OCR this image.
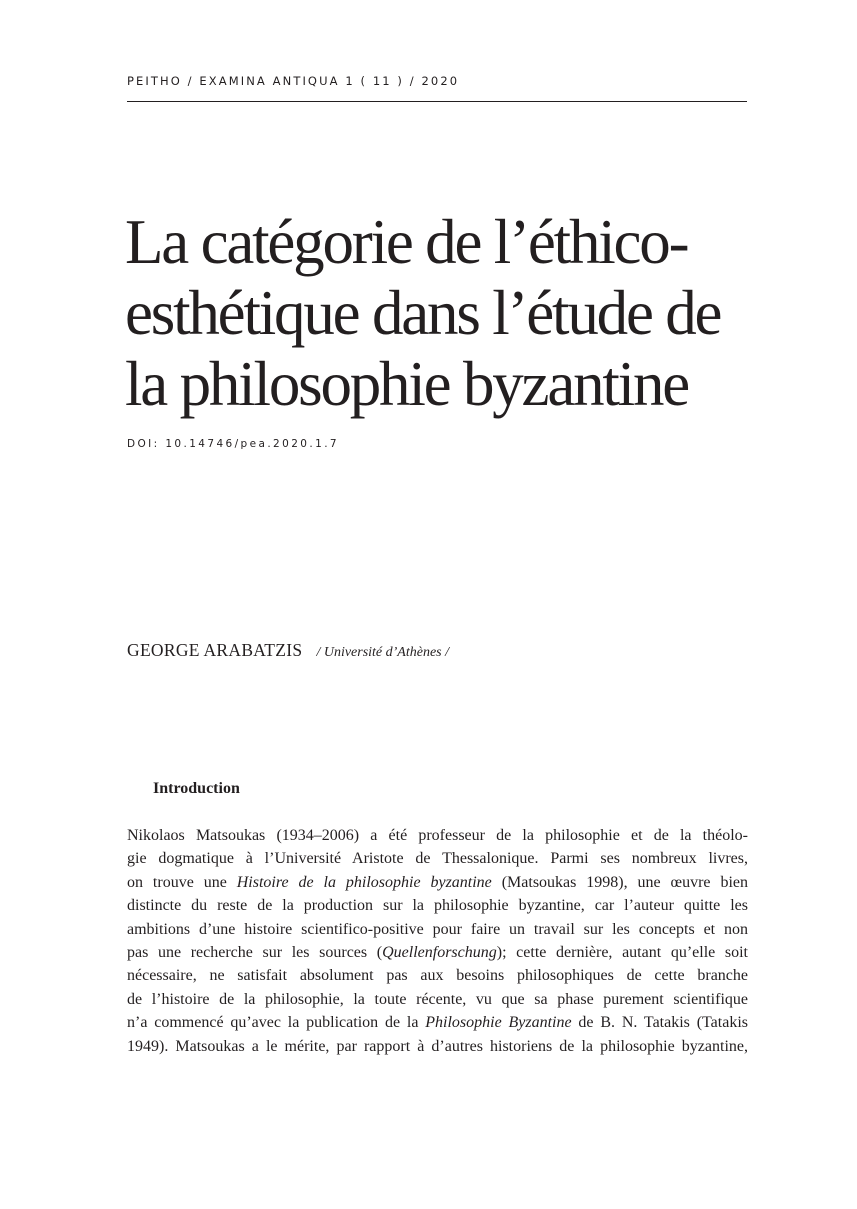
PEITHO / EXAMINA ANTIQUA 1 ( 11 ) / 2020
La catégorie de l’éthico-
esthétique dans l’étude de
la philosophie byzantine
DOI: 10.14746/pea.2020.1.7
GEORGE ARABATZIS / Université d’Athènes /
Introduction
Nikolaos Matsoukas (1934–2006) a été professeur de la philosophie et de la théolo-
gie dogmatique à l’Université Aristote de Thessalonique. Parmi ses nombreux livres,
on trouve une Histoire de la philosophie byzantine (Matsoukas 1998), une œuvre bien
distincte du reste de la production sur la philosophie byzantine, car l’auteur quitte les
ambitions d’une histoire scientifico-positive pour faire un travail sur les concepts et non
pas une recherche sur les sources (Quellenforschung); cette dernière, autant qu’elle soit
nécessaire, ne satisfait absolument pas aux besoins philosophiques de cette branche
de l’histoire de la philosophie, la toute récente, vu que sa phase purement scientifique
n’a commencé qu’avec la publication de la Philosophie Byzantine de B. N. Tatakis (Tatakis
1949). Matsoukas a le mérite, par rapport à d’autres historiens de la philosophie byzantine,
